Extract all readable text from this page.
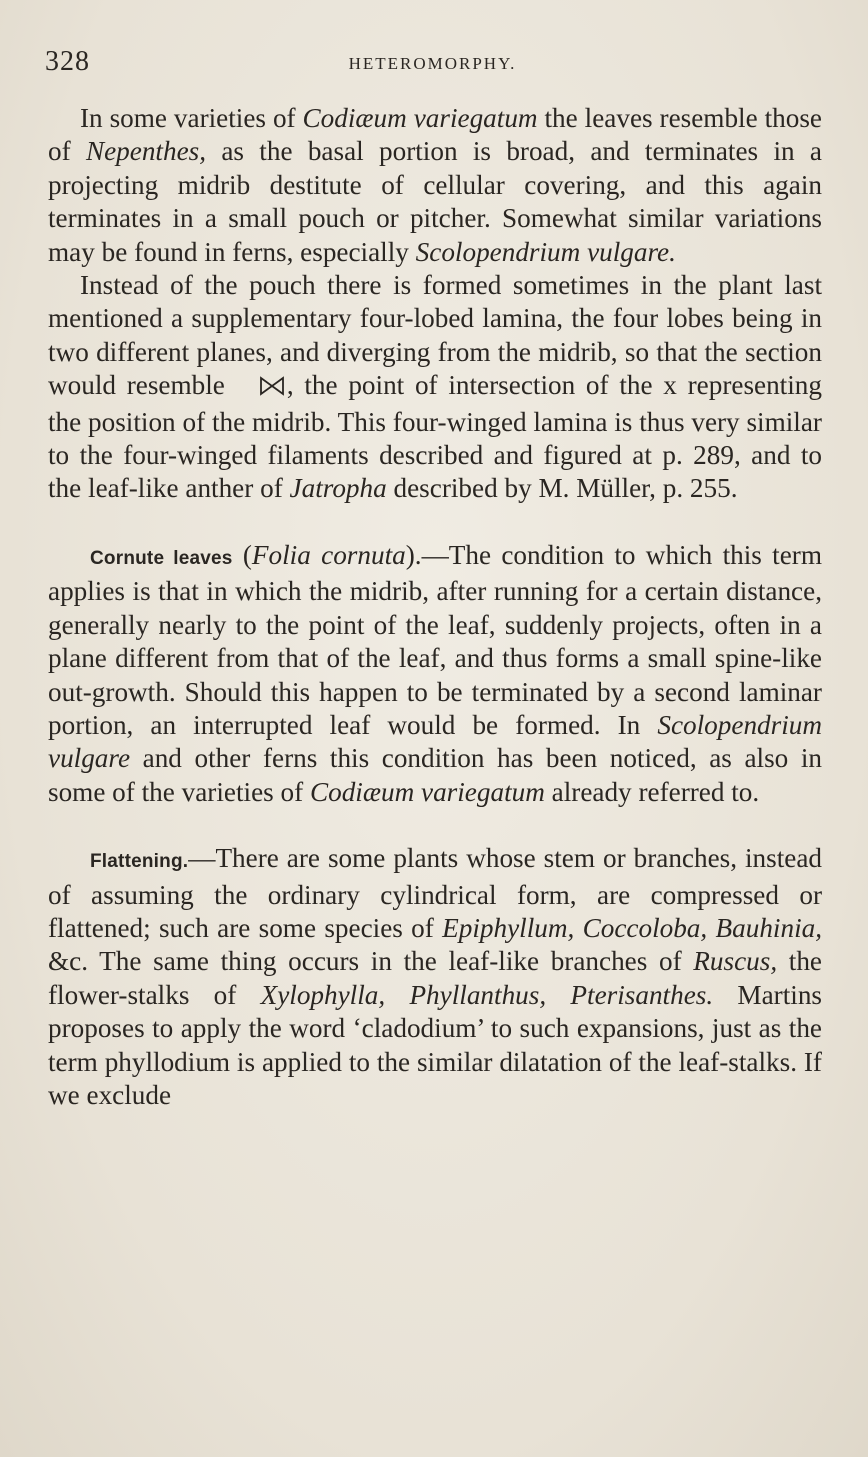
328	HETEROMORPHY.

In some varieties of Codiæum variegatum the leaves resemble those of Nepenthes, as the basal portion is broad, and terminates in a projecting midrib destitute of cellular covering, and this again terminates in a small pouch or pitcher. Somewhat similar variations may be found in ferns, especially Scolopendrium vulgare.

Instead of the pouch there is formed sometimes in the plant last mentioned a supplementary four-lobed lamina, the four lobes being in two different planes, and diverging from the midrib, so that the section would resemble , the point of intersection of the x representing the position of the midrib. This four-winged lamina is thus very similar to the four-winged filaments described and figured at p. 289, and to the leaf-like anther of Jatropha described by M. Müller, p. 255.

Cornute leaves (Folia cornuta).—The condition to which this term applies is that in which the midrib, after running for a certain distance, generally nearly to the point of the leaf, suddenly projects, often in a plane different from that of the leaf, and thus forms a small spine-like out-growth. Should this happen to be terminated by a second laminar portion, an interrupted leaf would be formed. In Scolopendrium vulgare and other ferns this condition has been noticed, as also in some of the varieties of Codiæum variegatum already referred to.

Flattening.—There are some plants whose stem or branches, instead of assuming the ordinary cylindrical form, are compressed or flattened; such are some species of Epiphyllum, Coccoloba, Bauhinia, &c. The same thing occurs in the leaf-like branches of Ruscus, the flower-stalks of Xylophylla, Phyllanthus, Pterisanthes. Martins proposes to apply the word ‘cladodium’ to such expansions, just as the term phyllodium is applied to the similar dilatation of the leaf-stalks. If we exclude
